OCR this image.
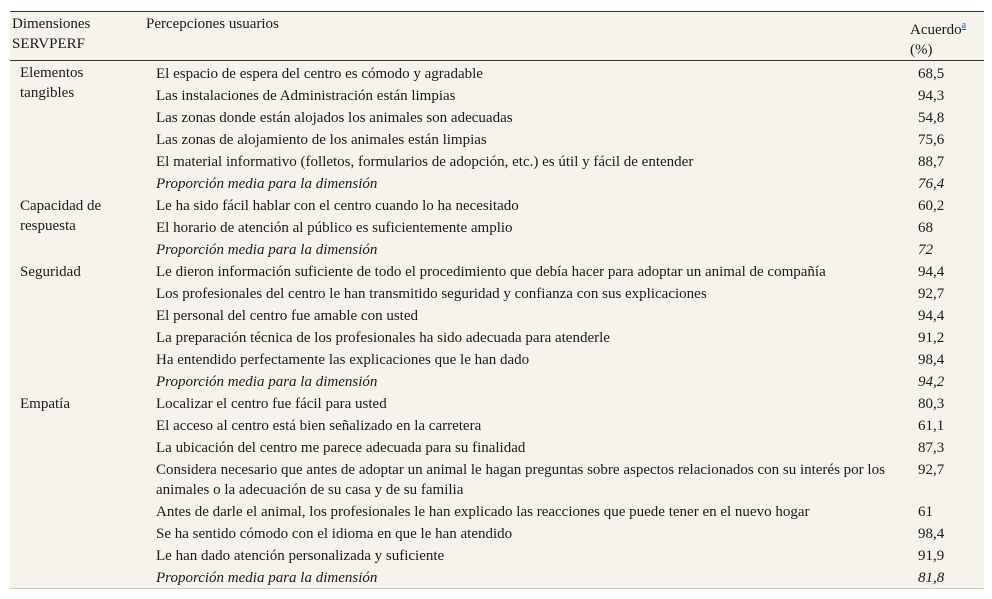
Dimensiones SERVPERF	Percepciones usuarios	Acuerdo$^a$
(%)
Elementos tangibles	El espacio de espera del centro es cómodo y agradable	68,5
	Las instalaciones de Administración están limpias	94,3
	Las zonas donde están alojados los animales son adecuadas	54,8
	Las zonas de alojamiento de los animales están limpias	75,6
	El material informativo (folletos, formularios de adopción, etc.) es útil y fácil de entender	88,7
	Proporción media para la dimensión	76,4
Capacidad de respuesta	Le ha sido fácil hablar con el centro cuando lo ha necesitado	60,2
	El horario de atención al público es suficientemente amplio	68
	Proporción media para la dimensión	72
Seguridad	Le dieron información suficiente de todo el procedimiento que debía hacer para adoptar un animal de compañía	94,4
	Los profesionales del centro le han transmitido seguridad y confianza con sus explicaciones	92,7
	El personal del centro fue amable con usted	94,4
	La preparación técnica de los profesionales ha sido adecuada para atenderle	91,2
	Ha entendido perfectamente las explicaciones que le han dado	98,4
	Proporción media para la dimensión	94,2
Empatía	Localizar el centro fue fácil para usted	80,3
	El acceso al centro está bien señalizado en la carretera	61,1
	La ubicación del centro me parece adecuada para su finalidad	87,3

	Considera necesario que antes de adoptar un animal le hagan preguntas sobre aspectos relacionados con su interés por los animales o la adecuación de su casa y de su familia	92,7
	Antes de darle el animal, los profesionales le han explicado las reacciones que puede tener en el nuevo hogar	61
	Se ha sentido cómodo con el idioma en que le han atendido	98,4
	Le han dado atención personalizada y suficiente	91,9
	Proporción media para la dimensión	81,8
